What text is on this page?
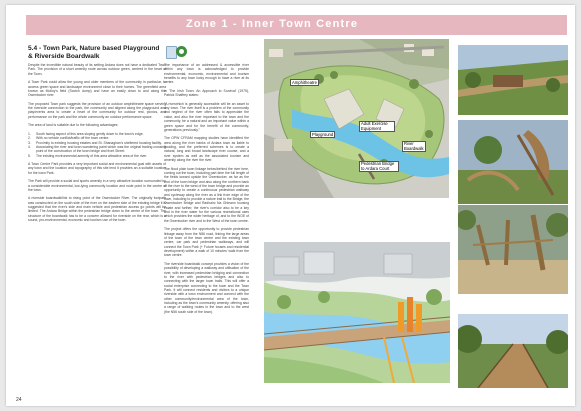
Zone 1 - Inner Town Centre
5.4 - Town Park, Nature based Playground & Riverside Boardwalk

Despite the incredible natural beauty of its setting Ardara does not have a dedicated Town Park. The provision of a short amenity route across outdoor green, centred in the heart of the Town.

A Town Park could allow the young and older members of the community in particular, to access green space and landscape environment close to their homes. The greenfield area known as Molloy's field (Scotch dump) and have an easily down to and along the Owentocker river.

The proposed Town park suggests the provision of an outdoor amphitheatre space serving the riverside connection to the park, the community and aligned along the playground and play/events area to create a heart of the community for outdoor rest, picnics, and performance on the park and the whole community an outdoor performance space.

The area of land is suitable due to the following advantages:

1. South facing aspect of this area sloping gently down to the town's edge.
2. With no vehicle conflict/traffic off the town centre.
3. Proximity to existing housing estates and St. Shanaghan's sheltered housing facility.
4. Associating the river and town wandering paint which was the original trading crossing point of the construction of the town bridge and front Street.
5. The existing environmental amenity of this area attractive area of the river.

A Town Centre Park provides a very important social and environmental goal with assets of any town and the location and topography of this site lend it provides an a suitable location for the town Park.

The Park will provide a social and sports amenity in a very attractive location surrounded by a considerable environmental, low-lying community location and node point in the centre of the town.

A riverside boardwalk/link to rising point of the Owentocker River. The originally footpath was constructed on the south side of the river on the eastern side of the existing bridge it is suggested that the river's side and main vehicle and pedestrian access go points will be limited. The Ardara Bridge within the pedestrian bridge down to the centre of the town. The structure of the boardwalk has to be a concern allowed for riverside on the rear, which is a sound, pro-environmental, economic and tourism use of the town.

The importance of an addressed & accessible river within any town is acknowledged to provide environmental, economic, environmental and tourism benefits to any town lucky enough to have a river at its centre.

In 'The Irish Town: An Approach to Survival' (1975), Patrick Shaffrey states:

"A riverwhich is generally accessible will be an asset to any town. The river itself is a problem of the community and neglect of the river often fails to appreciate the value, and also the river important to the town and the community, be a natural and an important value within a green space and for the benefit of the community, generations previously."

The OPW CFRAM mapping studies have identified the area along the river banks of Ardara town as liable to flooding, and the preferred schemes is to create a natural, long and broad landscape river course, and a river system as well as the associated tourism and amenity along the river the river.

The flood plain town linkage below/behind the river here, coming out the town, including part-time the full length of the fields toward upside the Owentocker, as far as the end of the town bridge and also along the northern bank of the river to the west of the town bridge and provide an opportunity to create a continuous pedestrian walkway and cycleway along the river as a link from edge of the town, including to provide a nature trail to the Bridge, the Owentocker Bridge and Radhairc Na Ghleann housing estate and further, the river's corridor also to be a key and in the river water for the various recreational uses which provides the wider heritage of, and to the WOE of the Owentocker river and to the West of the town centre.

The project offers the opportunity to provide pedestrian linkage away from the N56 road, linking the large areas of the town of the town centre and the existing town centre, car park and pedestrian walkways, and will connect the Town Park (+ Future houses and residential development) within a walk of 10 minutes' walk from the town centre.

The riverside boardwalk concept provides a vision of the possibility of developing a walkway and utilisation of the river, with increased pedestrian bridging and connection to the river with pedestrian bridges and also to connecting with the larger town trails. This will offer a social enterprise connecting to the town and the Town Park. It will connect residents and visitors to a unique riverside with a town environment and connect with the other community/environmental area of the town, including as the town's community amenity, offering also a range of walking routes in the town and to the west (the N56 south side of the town).

Amphitheatre
Adult Exercise Equipment
Playground
River Boardwalk
Pedestrian Bridge to Ardara Court
24
